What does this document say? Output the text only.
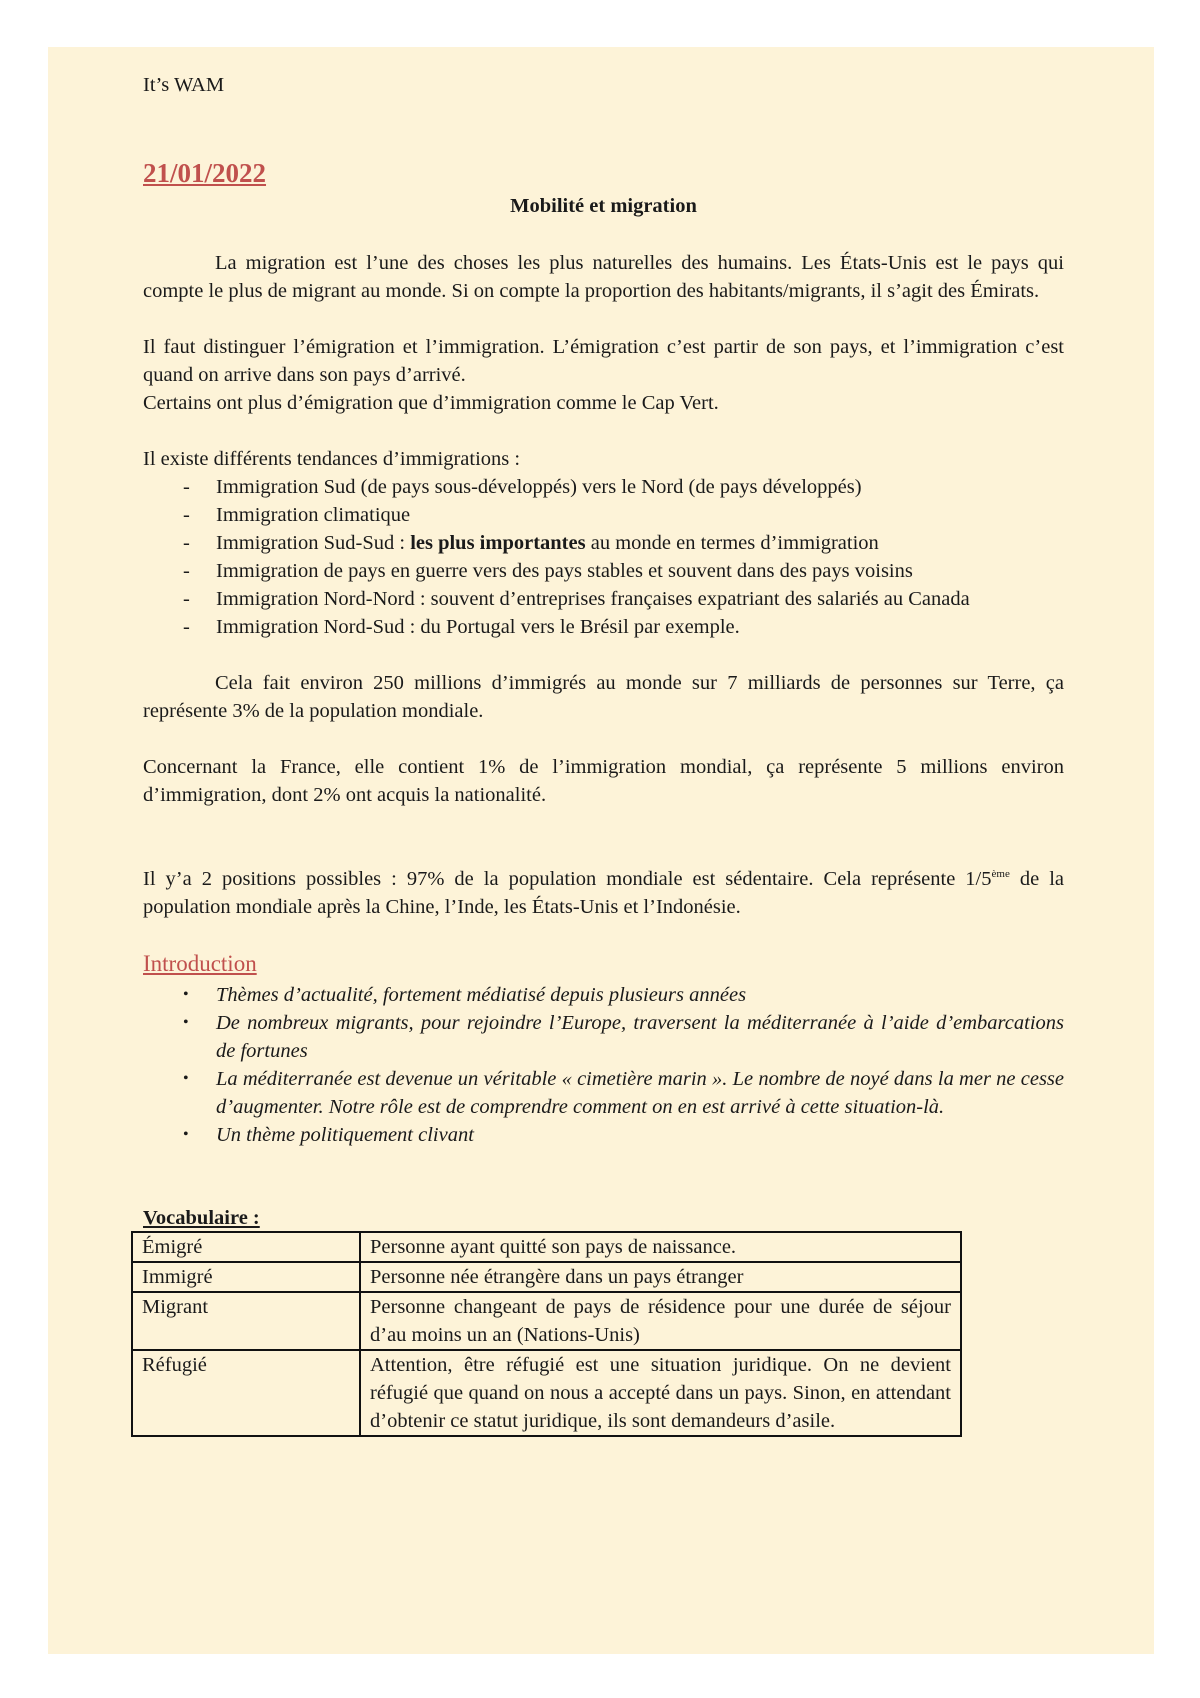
It’s WAM

21/01/2022

Mobilité et migration

La migration est l’une des choses les plus naturelles des humains. Les États-Unis est le pays qui compte le plus de migrant au monde. Si on compte la proportion des habitants/migrants, il s’agit des Émirats.

Il faut distinguer l’émigration et l’immigration. L’émigration c’est partir de son pays, et l’immigration c’est quand on arrive dans son pays d’arrivé.

Certains ont plus d’émigration que d’immigration comme le Cap Vert.

Il existe différents tendances d’immigrations :

- Immigration Sud (de pays sous-développés) vers le Nord (de pays développés)
- Immigration climatique
- Immigration Sud-Sud : les plus importantes au monde en termes d’immigration
- Immigration de pays en guerre vers des pays stables et souvent dans des pays voisins
- Immigration Nord-Nord : souvent d’entreprises françaises expatriant des salariés au Canada
- Immigration Nord-Sud : du Portugal vers le Brésil par exemple.

Cela fait environ 250 millions d’immigrés au monde sur 7 milliards de personnes sur Terre, ça représente 3% de la population mondiale.

Concernant la France, elle contient 1% de l’immigration mondial, ça représente 5 millions environ d’immigration, dont 2% ont acquis la nationalité.

Il y’a 2 positions possibles : 97% de la population mondiale est sédentaire. Cela représente 1/5ème de la population mondiale après la Chine, l’Inde, les États-Unis et l’Indonésie.

Introduction

• Thèmes d’actualité, fortement médiatisé depuis plusieurs années
• De nombreux migrants, pour rejoindre l’Europe, traversent la méditerranée à l’aide d’embarcations de fortunes
• La méditerranée est devenue un véritable « cimetière marin ». Le nombre de noyé dans la mer ne cesse d’augmenter. Notre rôle est de comprendre comment on en est arrivé à cette situation-là.
• Un thème politiquement clivant

Vocabulaire :

Émigré	Personne ayant quitté son pays de naissance.
Immigré	Personne née étrangère dans un pays étranger
Migrant	Personne changeant de pays de résidence pour une durée de séjour d’au moins un an (Nations-Unis)
Réfugié	Attention, être réfugié est une situation juridique. On ne devient réfugié que quand on nous a accepté dans un pays. Sinon, en attendant d’obtenir ce statut juridique, ils sont demandeurs d’asile.
